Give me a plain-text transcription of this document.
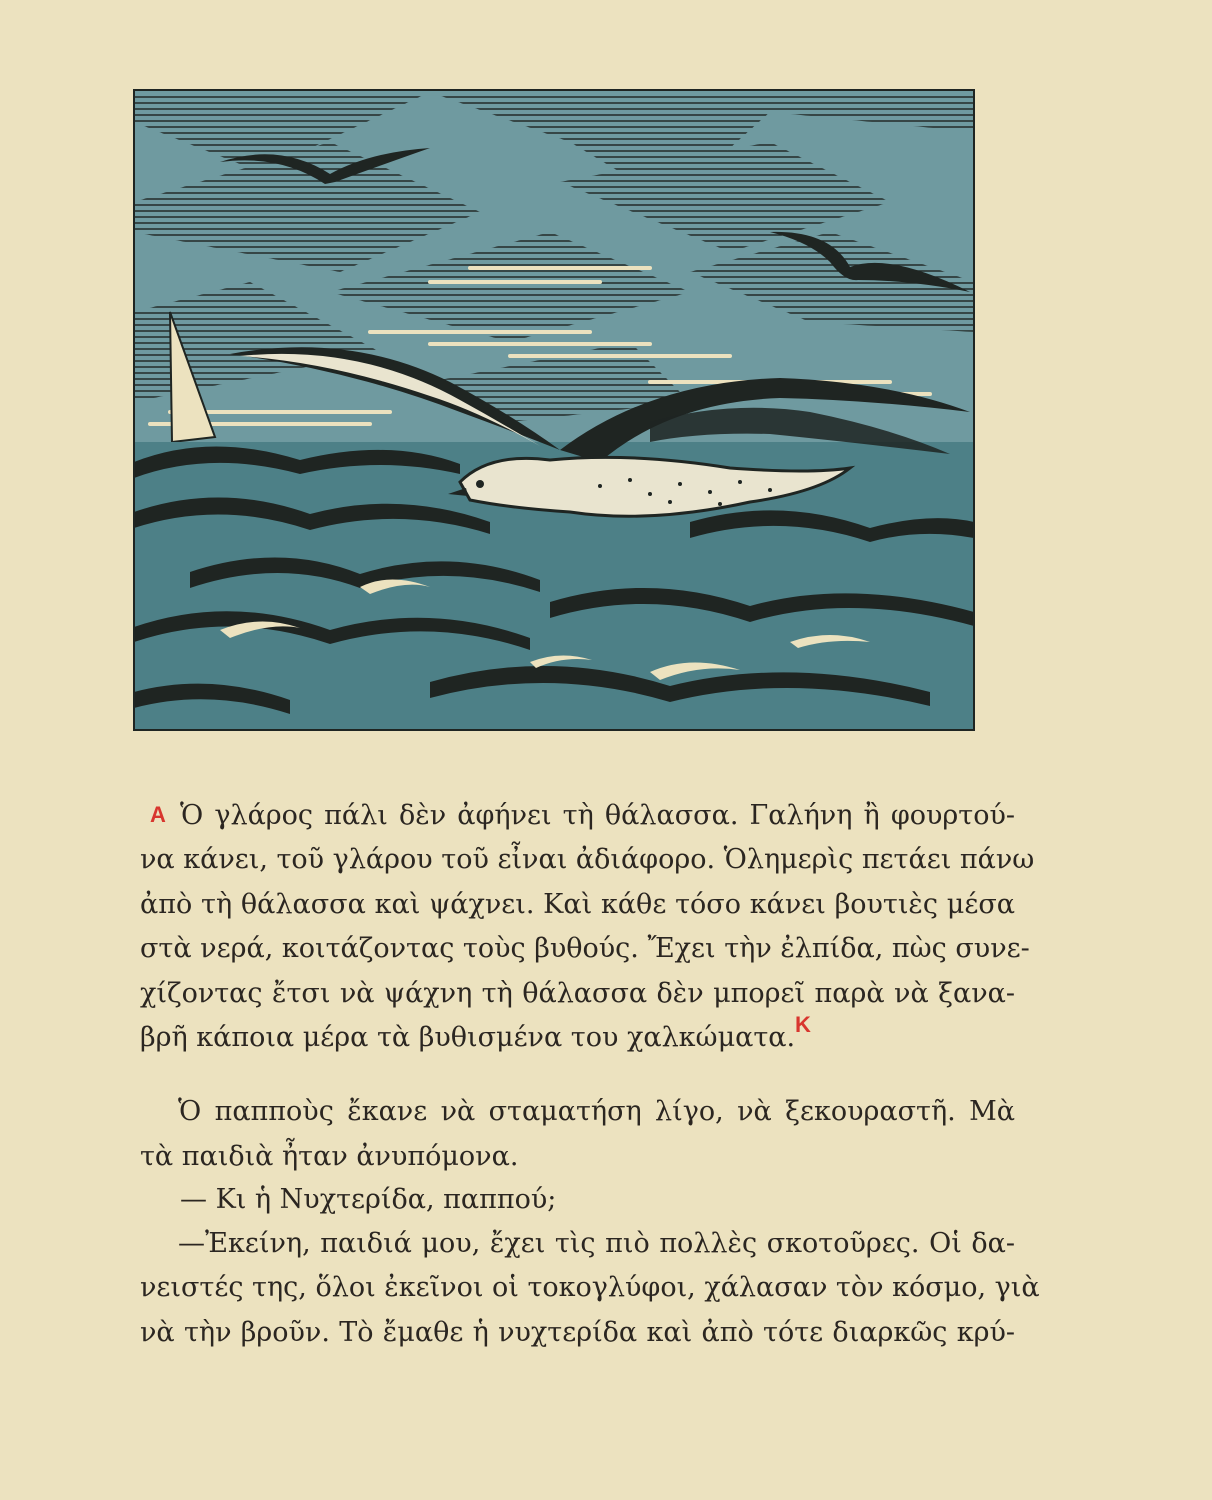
A Ὁ γλάρος πάλι δὲν ἀφήνει τὴ θάλασσα. Γαλήνη ἢ φουρτού-

να κάνει, τοῦ γλάρου τοῦ εἶναι ἀδιάφορο. Ὁλημερὶς πετάει πάνω
ἀπὸ τὴ θάλασσα καὶ ψάχνει. Καὶ κάθε τόσο κάνει βουτιὲς μέσα
στὰ νερά, κοιτάζοντας τοὺς βυθούς. Ἔχει τὴν ἐλπίδα, πὼς συνε-
χίζοντας ἔτσι νὰ ψάχνη τὴ θάλασσα δὲν μπορεῖ παρὰ νὰ ξανα-
βρῆ κάποια μέρα τὰ βυθισμένα του χαλκώματα. K

Ὁ παπποὺς ἔκανε νὰ σταματήση λίγο, νὰ ξεκουραστῆ. Μὰ
τὰ παιδιὰ ἦταν ἀνυπόμονα.

— Κι ἡ Νυχτερίδα, παππού;

—Ἐκείνη, παιδιά μου, ἔχει τὶς πιὸ πολλὲς σκοτοῦρες. Οἱ δα-

νειστές της, ὅλοι ἐκεῖνοι οἱ τοκογλύφοι, χάλασαν τὸν κόσμο, γιὰ
νὰ τὴν βροῦν. Τὸ ἔμαθε ἡ νυχτερίδα καὶ ἀπὸ τότε διαρκῶς κρύ-
